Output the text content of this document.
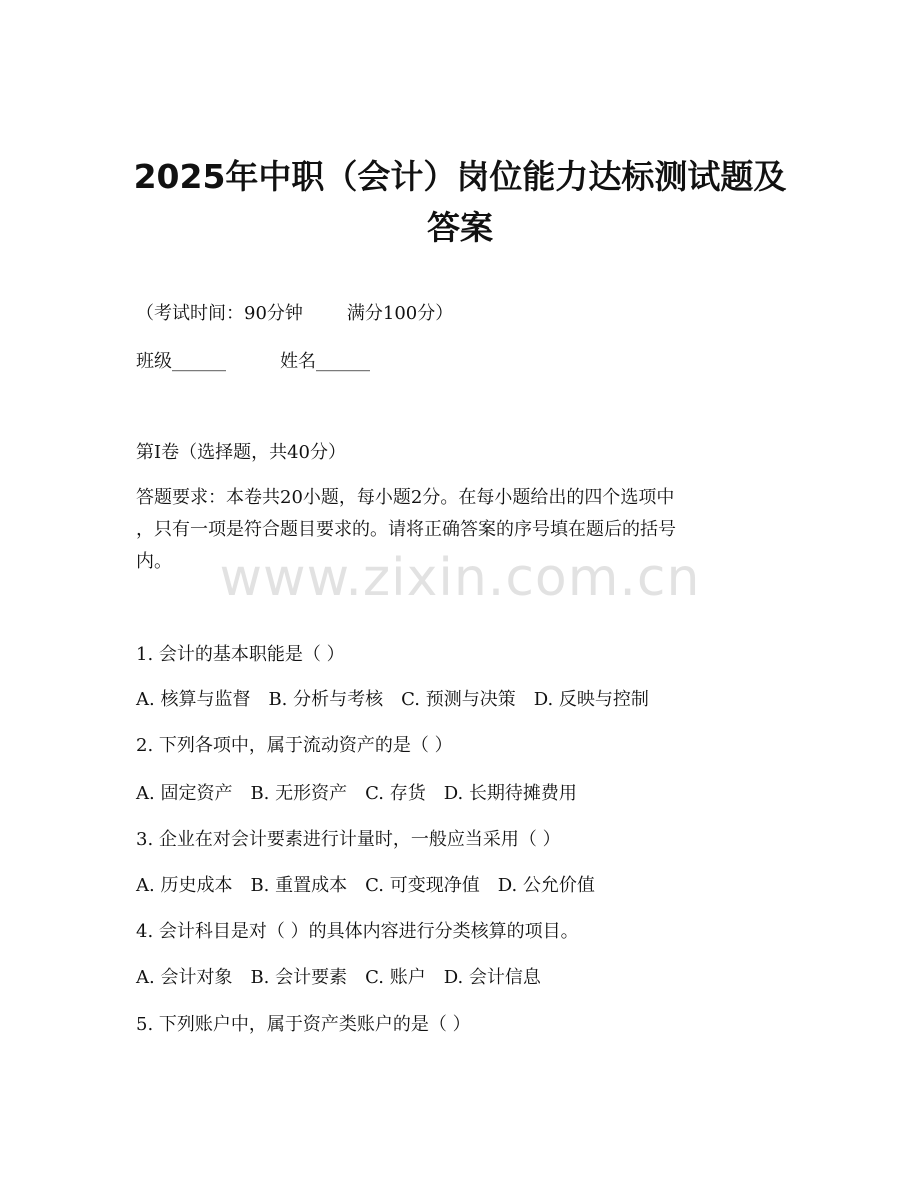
2025年中职（会计）岗位能力达标测试题及
答案
（考试时间：90分钟 满分100分）
班级______	姓名______
第I卷（选择题，共40分）
答题要求：本卷共20小题，每小题2分。在每小题给出的四个选项中
，只有一项是符合题目要求的。请将正确答案的序号填在题后的括号
内。 www.zixin.com.cn
1. 会计的基本职能是（ ）
A. 核算与监督 B. 分析与考核 C. 预测与决策 D. 反映与控制
2. 下列各项中，属于流动资产的是（ ）
A. 固定资产 B. 无形资产 C. 存货 D. 长期待摊费用
3. 企业在对会计要素进行计量时，一般应当采用（ ）
A. 历史成本 B. 重置成本 C. 可变现净值 D. 公允价值
4. 会计科目是对（ ）的具体内容进行分类核算的项目。
A. 会计对象 B. 会计要素 C. 账户 D. 会计信息
5. 下列账户中，属于资产类账户的是（ ）
